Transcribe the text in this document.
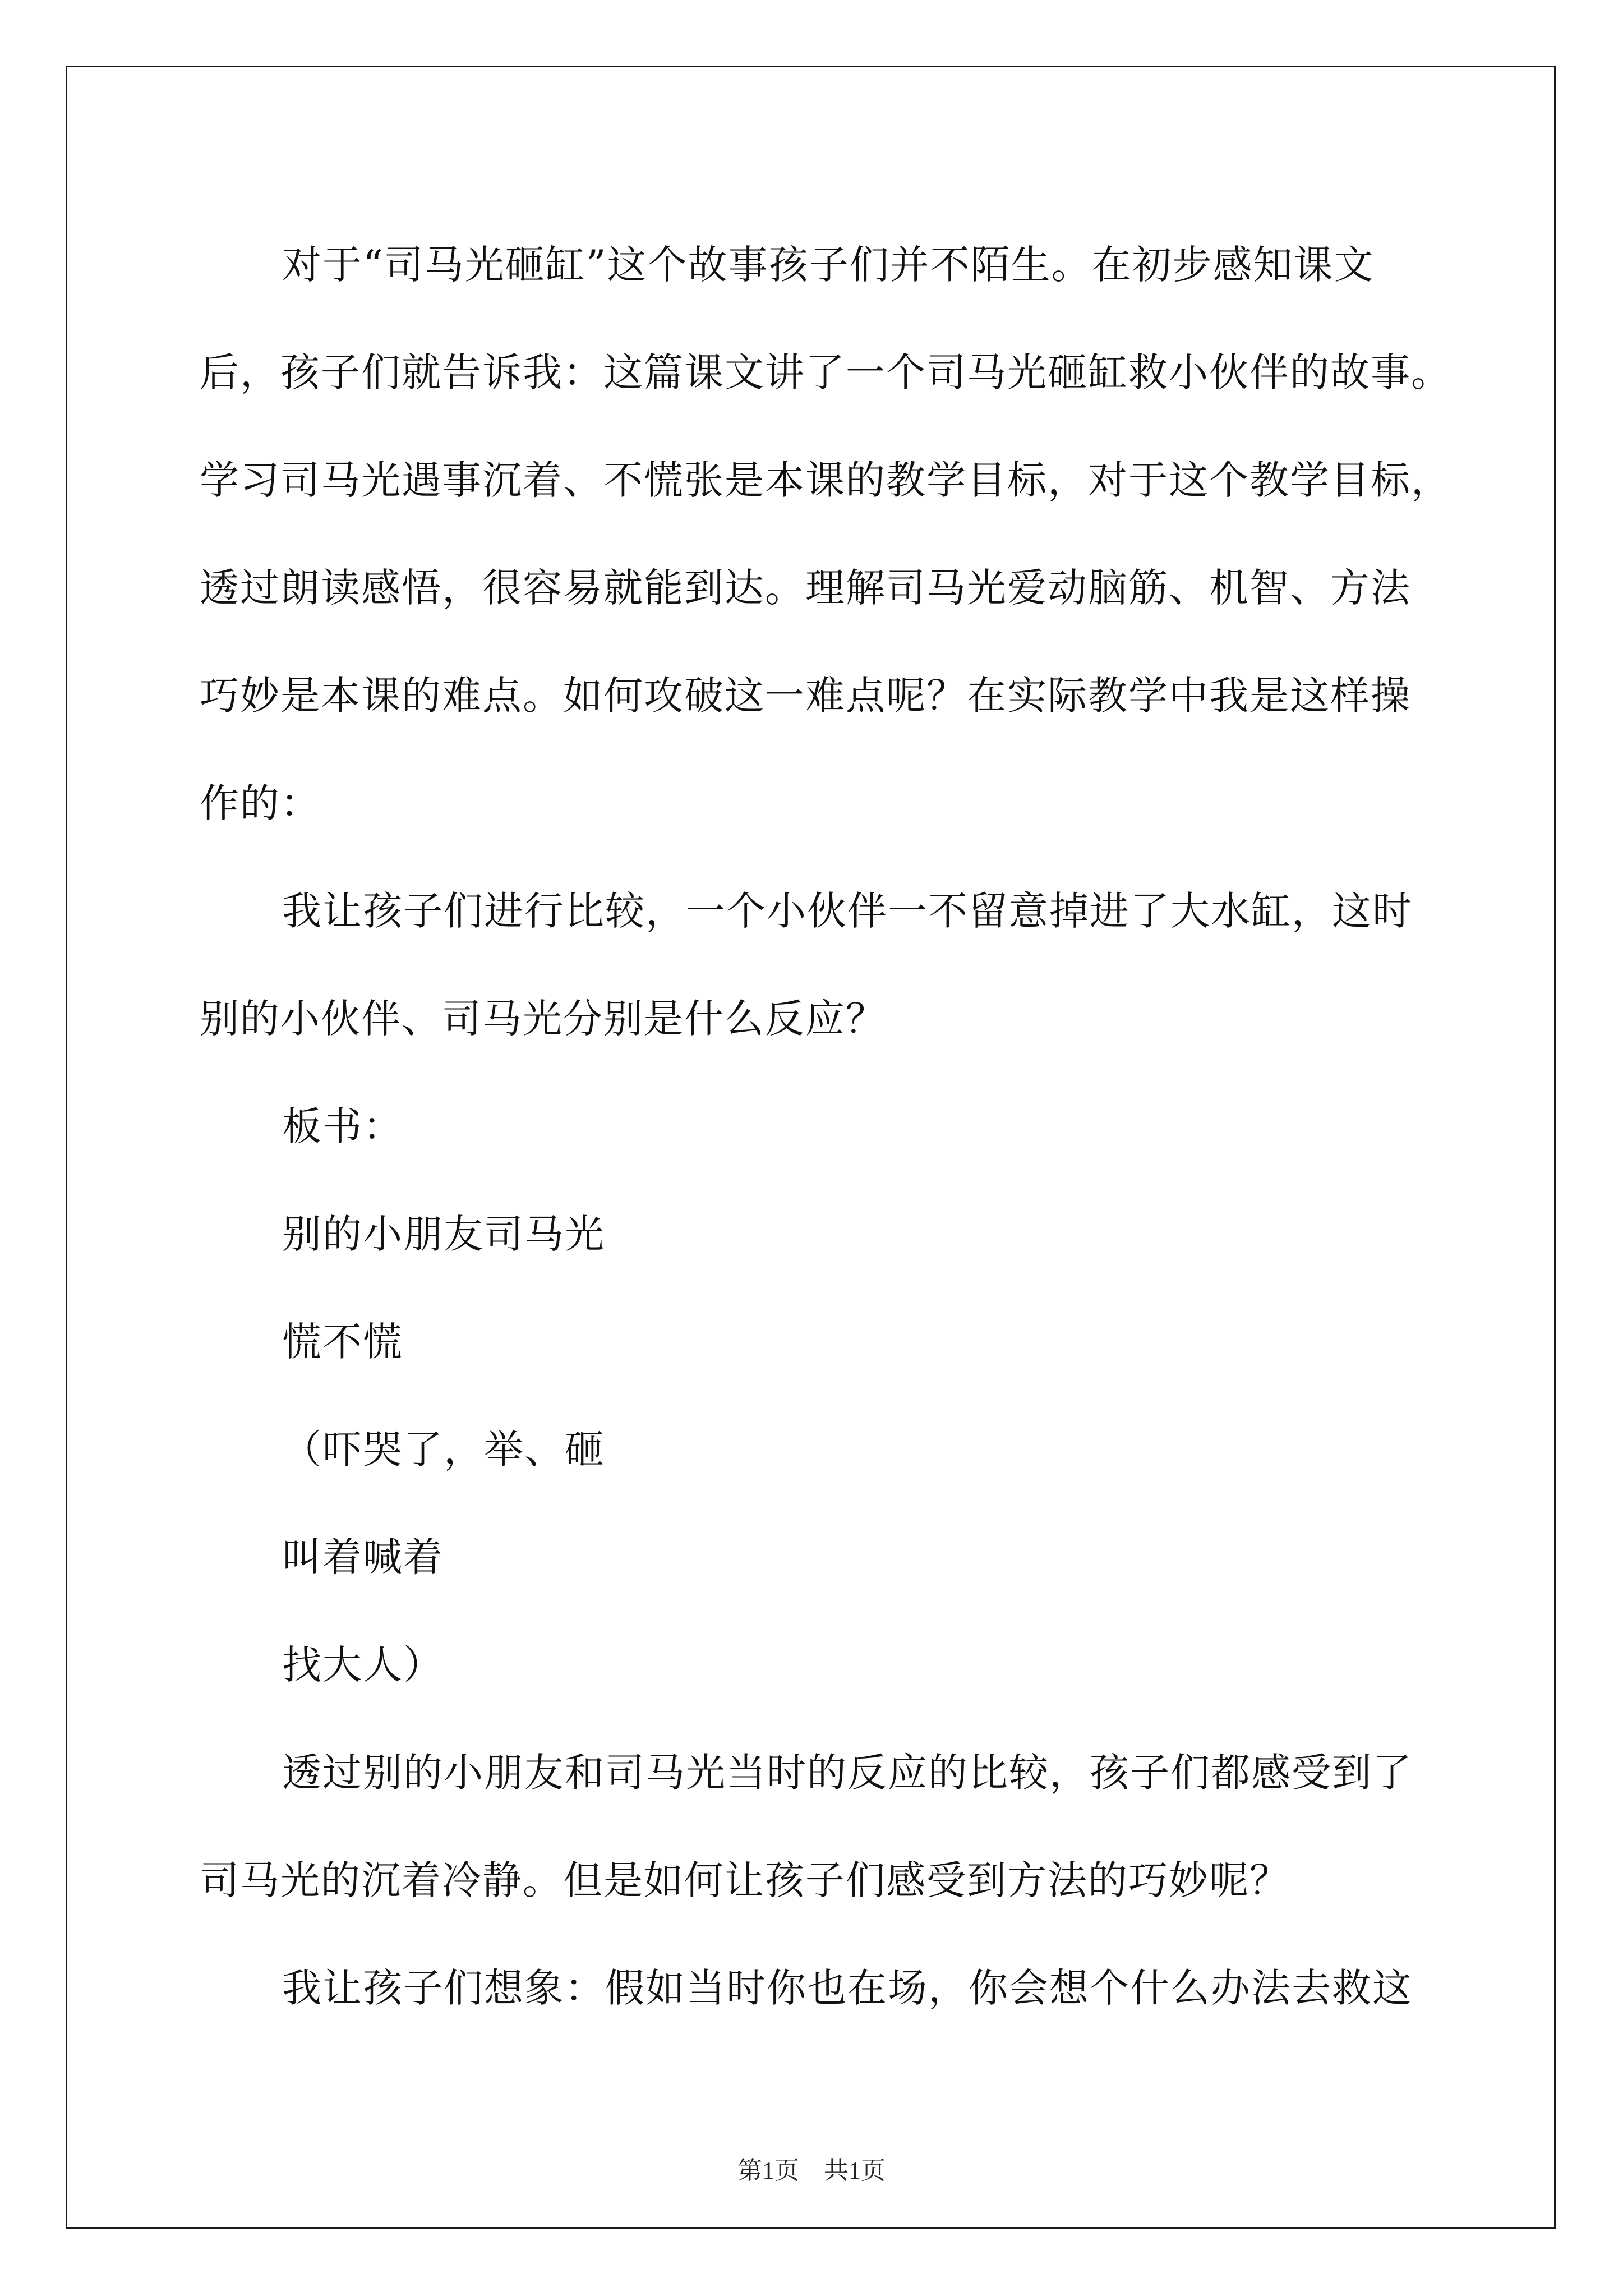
对于“司马光砸缸”这个故事孩子们并不陌生。在初步感知课文

后，孩子们就告诉我：这篇课文讲了一个司马光砸缸救小伙伴的故事。

学习司马光遇事沉着、不慌张是本课的教学目标，对于这个教学目标，

透过朗读感悟，很容易就能到达。理解司马光爱动脑筋、机智、方法

巧妙是本课的难点。如何攻破这一难点呢？在实际教学中我是这样操

作的：

我让孩子们进行比较，一个小伙伴一不留意掉进了大水缸，这时

别的小伙伴、司马光分别是什么反应？

板书：

别的小朋友司马光

慌不慌

（吓哭了，举、砸

叫着喊着

找大人）

透过别的小朋友和司马光当时的反应的比较，孩子们都感受到了

司马光的沉着冷静。但是如何让孩子们感受到方法的巧妙呢？

我让孩子们想象：假如当时你也在场，你会想个什么办法去救这

第1页　共1页
